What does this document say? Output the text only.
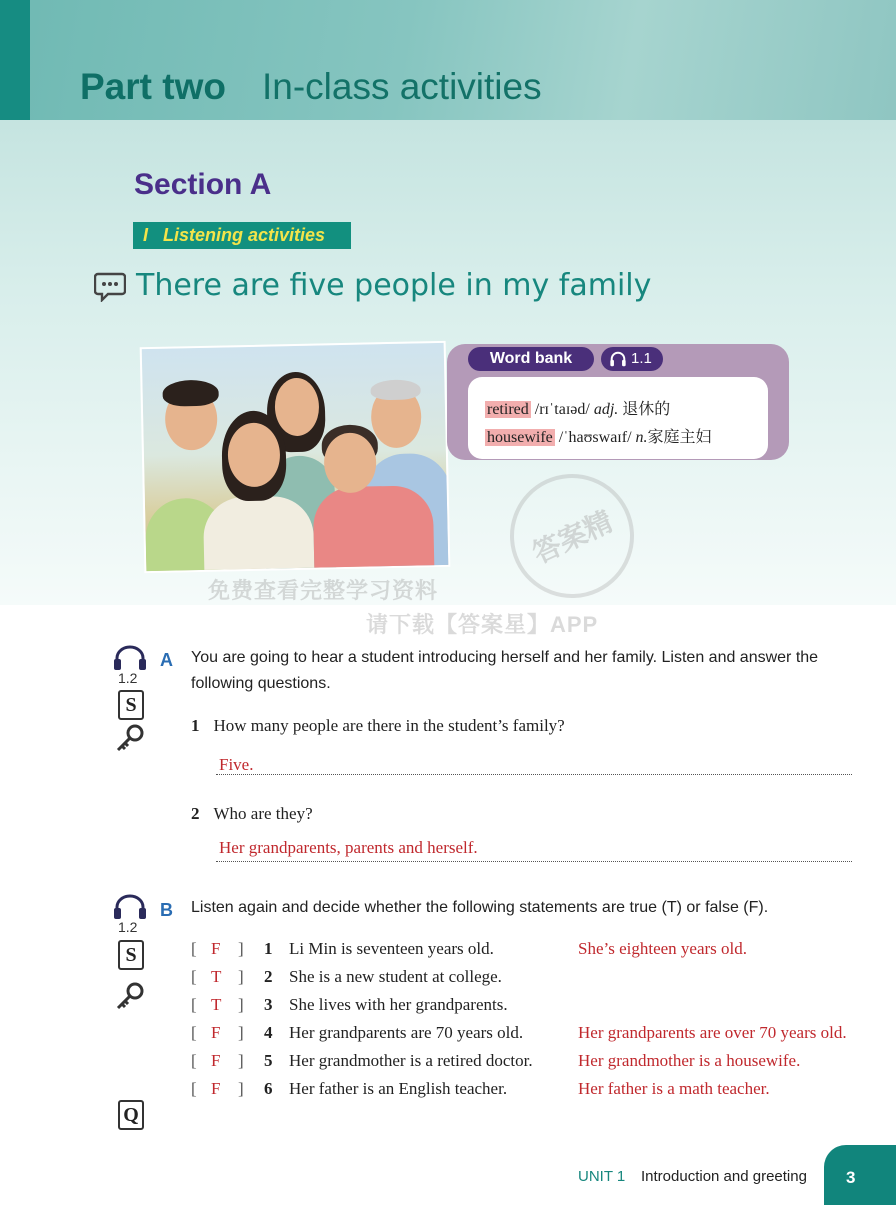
Part two In-class activities
Section A
I   Listening activities
There are five people in my family
Word bank	1.1
retired /rɪˈtaɪəd/ adj. 退休的
housewife /ˈhaʊswaɪf/ n.家庭主妇
答案精
免费查看完整学习资料
请下载【答案星】APP
1.2
S
A You are going to hear a student introducing herself and her family. Listen and answer the following questions.
1 How many people are there in the student’s family?
Five.
2 Who are they?
Her grandparents, parents and herself.
1.2
S
Q
B Listen again and decide whether the following statements are true (T) or false (F).
[ F ] 1 Li Min is seventeen years old.	She’s eighteen years old.
[ T ] 2 She is a new student at college.
[ T ] 3 She lives with her grandparents.
[ F ] 4 Her grandparents are 70 years old.	Her grandparents are over 70 years old.
[ F ] 5 Her grandmother is a retired doctor.	Her grandmother is a housewife.
[ F ] 6 Her father is an English teacher.	Her father is a math teacher.
UNIT 1 Introduction and greeting 3
